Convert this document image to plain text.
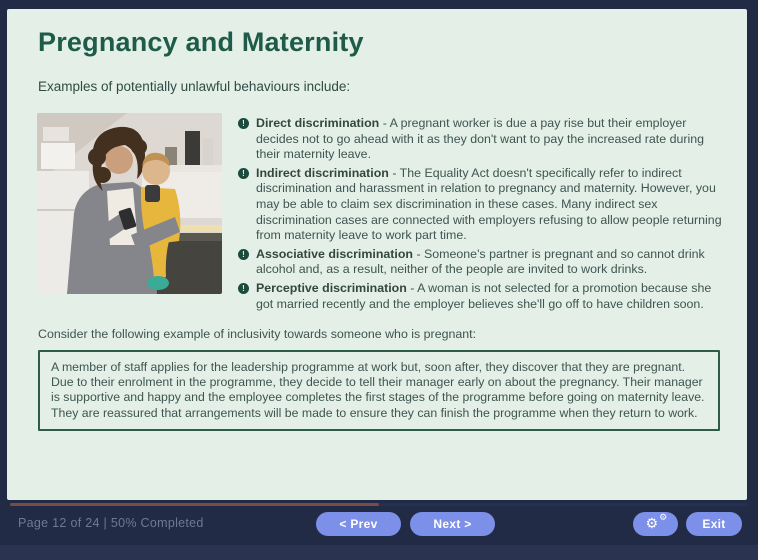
Pregnancy and Maternity
Examples of potentially unlawful behaviours include:
! Direct discrimination - A pregnant worker is due a pay rise but their employer decides not to go ahead with it as they don't want to pay the increased rate during their maternity leave.
! Indirect discrimination - The Equality Act doesn't specifically refer to indirect discrimination and harassment in relation to pregnancy and maternity. However, you may be able to claim sex discrimination in these cases. Many indirect sex discrimination cases are connected with employers refusing to allow people returning from maternity leave to work part time.
! Associative discrimination - Someone's partner is pregnant and so cannot drink alcohol and, as a result, neither of the people are invited to work drinks.
! Perceptive discrimination - A woman is not selected for a promotion because she got married recently and the employer believes she'll go off to have children soon.
Consider the following example of inclusivity towards someone who is pregnant:
A member of staff applies for the leadership programme at work but, soon after, they discover that they are pregnant. Due to their enrolment in the programme, they decide to tell their manager early on about the pregnancy. Their manager is supportive and happy and the employee completes the first stages of the programme before going on maternity leave. They are reassured that arrangements will be made to ensure they can finish the programme when they return to work.
Page 12 of 24 | 50% Completed	< Prev	Next >	⚙ ⚙	Exit
